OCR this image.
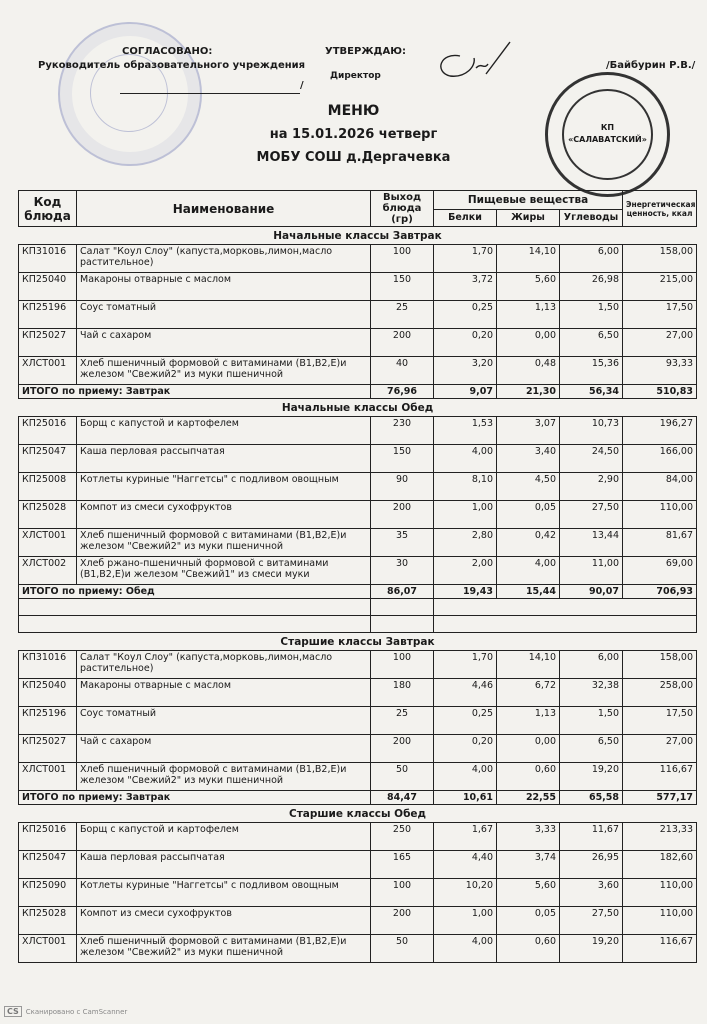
СОГЛАСОВАНО:
Руководитель образовательного учреждения
/
УТВЕРЖДАЮ:
Директор
/Байбурин Р.В./
КП
«САЛАВАТСКИЙ»
МЕНЮ
на 15.01.2026 четверг
МОБУ СОШ д.Дергачевка
Код блюда	Наименование	Выход блюда (гр)	Пищевые вещества			Энергетическая ценность, ккал
			Белки	Жиры	Углеводы	
Начальные классы Завтрак						
КП31016	Салат "Коул Слоу" (капуста,морковь,лимон,масло растительное)	100	1,70	14,10	6,00	158,00
КП25040	Макароны отварные с маслом	150	3,72	5,60	26,98	215,00
КП25196	Соус томатный	25	0,25	1,13	1,50	17,50
КП25027	Чай с сахаром	200	0,20	0,00	6,50	27,00
ХЛСТ001	Хлеб пшеничный формовой с витаминами (В1,В2,Е)и железом "Свежий2" из муки пшеничной	40	3,20	0,48	15,36	93,33
ИТОГО по приему: Завтрак		76,96	9,07	21,30	56,34	510,83
Начальные классы Обед						
КП25016	Борщ с капустой и картофелем	230	1,53	3,07	10,73	196,27
КП25047	Каша перловая рассыпчатая	150	4,00	3,40	24,50	166,00
КП25008	Котлеты куриные "Наггетсы" с подливом овощным	90	8,10	4,50	2,90	84,00
КП25028	Компот из смеси сухофруктов	200	1,00	0,05	27,50	110,00
ХЛСТ001	Хлеб пшеничный формовой с витаминами (В1,В2,Е)и железом "Свежий2" из муки пшеничной	35	2,80	0,42	13,44	81,67
ХЛСТ002	Хлеб ржано-пшеничный формовой с витаминами (В1,В2,Е)и железом "Свежий1" из смеси муки	30	2,00	4,00	11,00	69,00
ИТОГО по приему: Обед		86,07	19,43	15,44	90,07	706,93

Старшие классы Завтрак						
КП31016	Салат "Коул Слоу" (капуста,морковь,лимон,масло растительное)	100	1,70	14,10	6,00	158,00
КП25040	Макароны отварные с маслом	180	4,46	6,72	32,38	258,00
КП25196	Соус томатный	25	0,25	1,13	1,50	17,50
КП25027	Чай с сахаром	200	0,20	0,00	6,50	27,00
ХЛСТ001	Хлеб пшеничный формовой с витаминами (В1,В2,Е)и железом "Свежий2" из муки пшеничной	50	4,00	0,60	19,20	116,67
ИТОГО по приему: Завтрак		84,47	10,61	22,55	65,58	577,17
Старшие классы Обед						
КП25016	Борщ с капустой и картофелем	250	1,67	3,33	11,67	213,33
КП25047	Каша перловая рассыпчатая	165	4,40	3,74	26,95	182,60
КП25090	Котлеты куриные "Наггетсы" с подливом овощным	100	10,20	5,60	3,60	110,00
КП25028	Компот из смеси сухофруктов	200	1,00	0,05	27,50	110,00
ХЛСТ001	Хлеб пшеничный формовой с витаминами (В1,В2,Е)и железом "Свежий2" из муки пшеничной	50	4,00	0,60	19,20	116,67
CS	Сканировано с CamScanner
